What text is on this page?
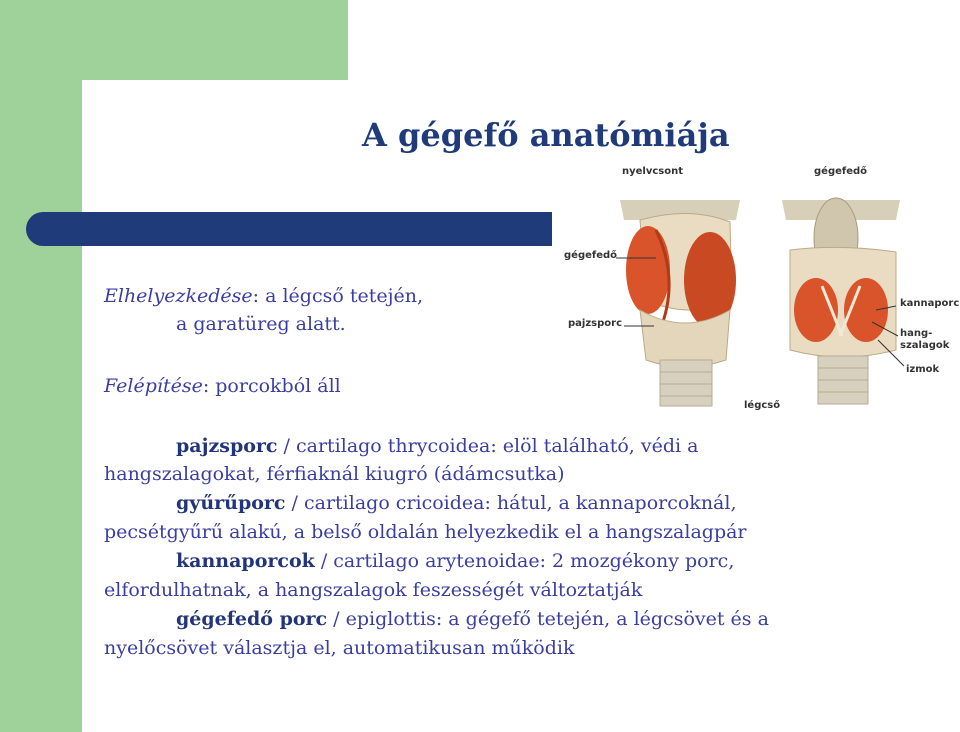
A gégefő anatómiája
nyelvcsont	gégefedő
gégefedő
pajzsporc
kannaporc
hang-
szalagok
izmok
légcső
Elhelyezkedése: a légcső tetején,
a garatüreg alatt.
Felépítése: porcokból áll
pajzsporc / cartilago thrycoidea: elöl található, védi a
hangszalagokat, férfiaknál kiugró (ádámcsutka)
gyűrűporc / cartilago cricoidea: hátul, a kannaporcoknál,
pecsétgyűrű alakú, a belső oldalán helyezkedik el a hangszalagpár
kannaporcok / cartilago arytenoidae: 2 mozgékony porc,
elfordulhatnak, a hangszalagok feszességét változtatják
gégefedő porc / epiglottis: a gégefő tetején, a légcsövet és a
nyelőcsövet választja el, automatikusan működik
